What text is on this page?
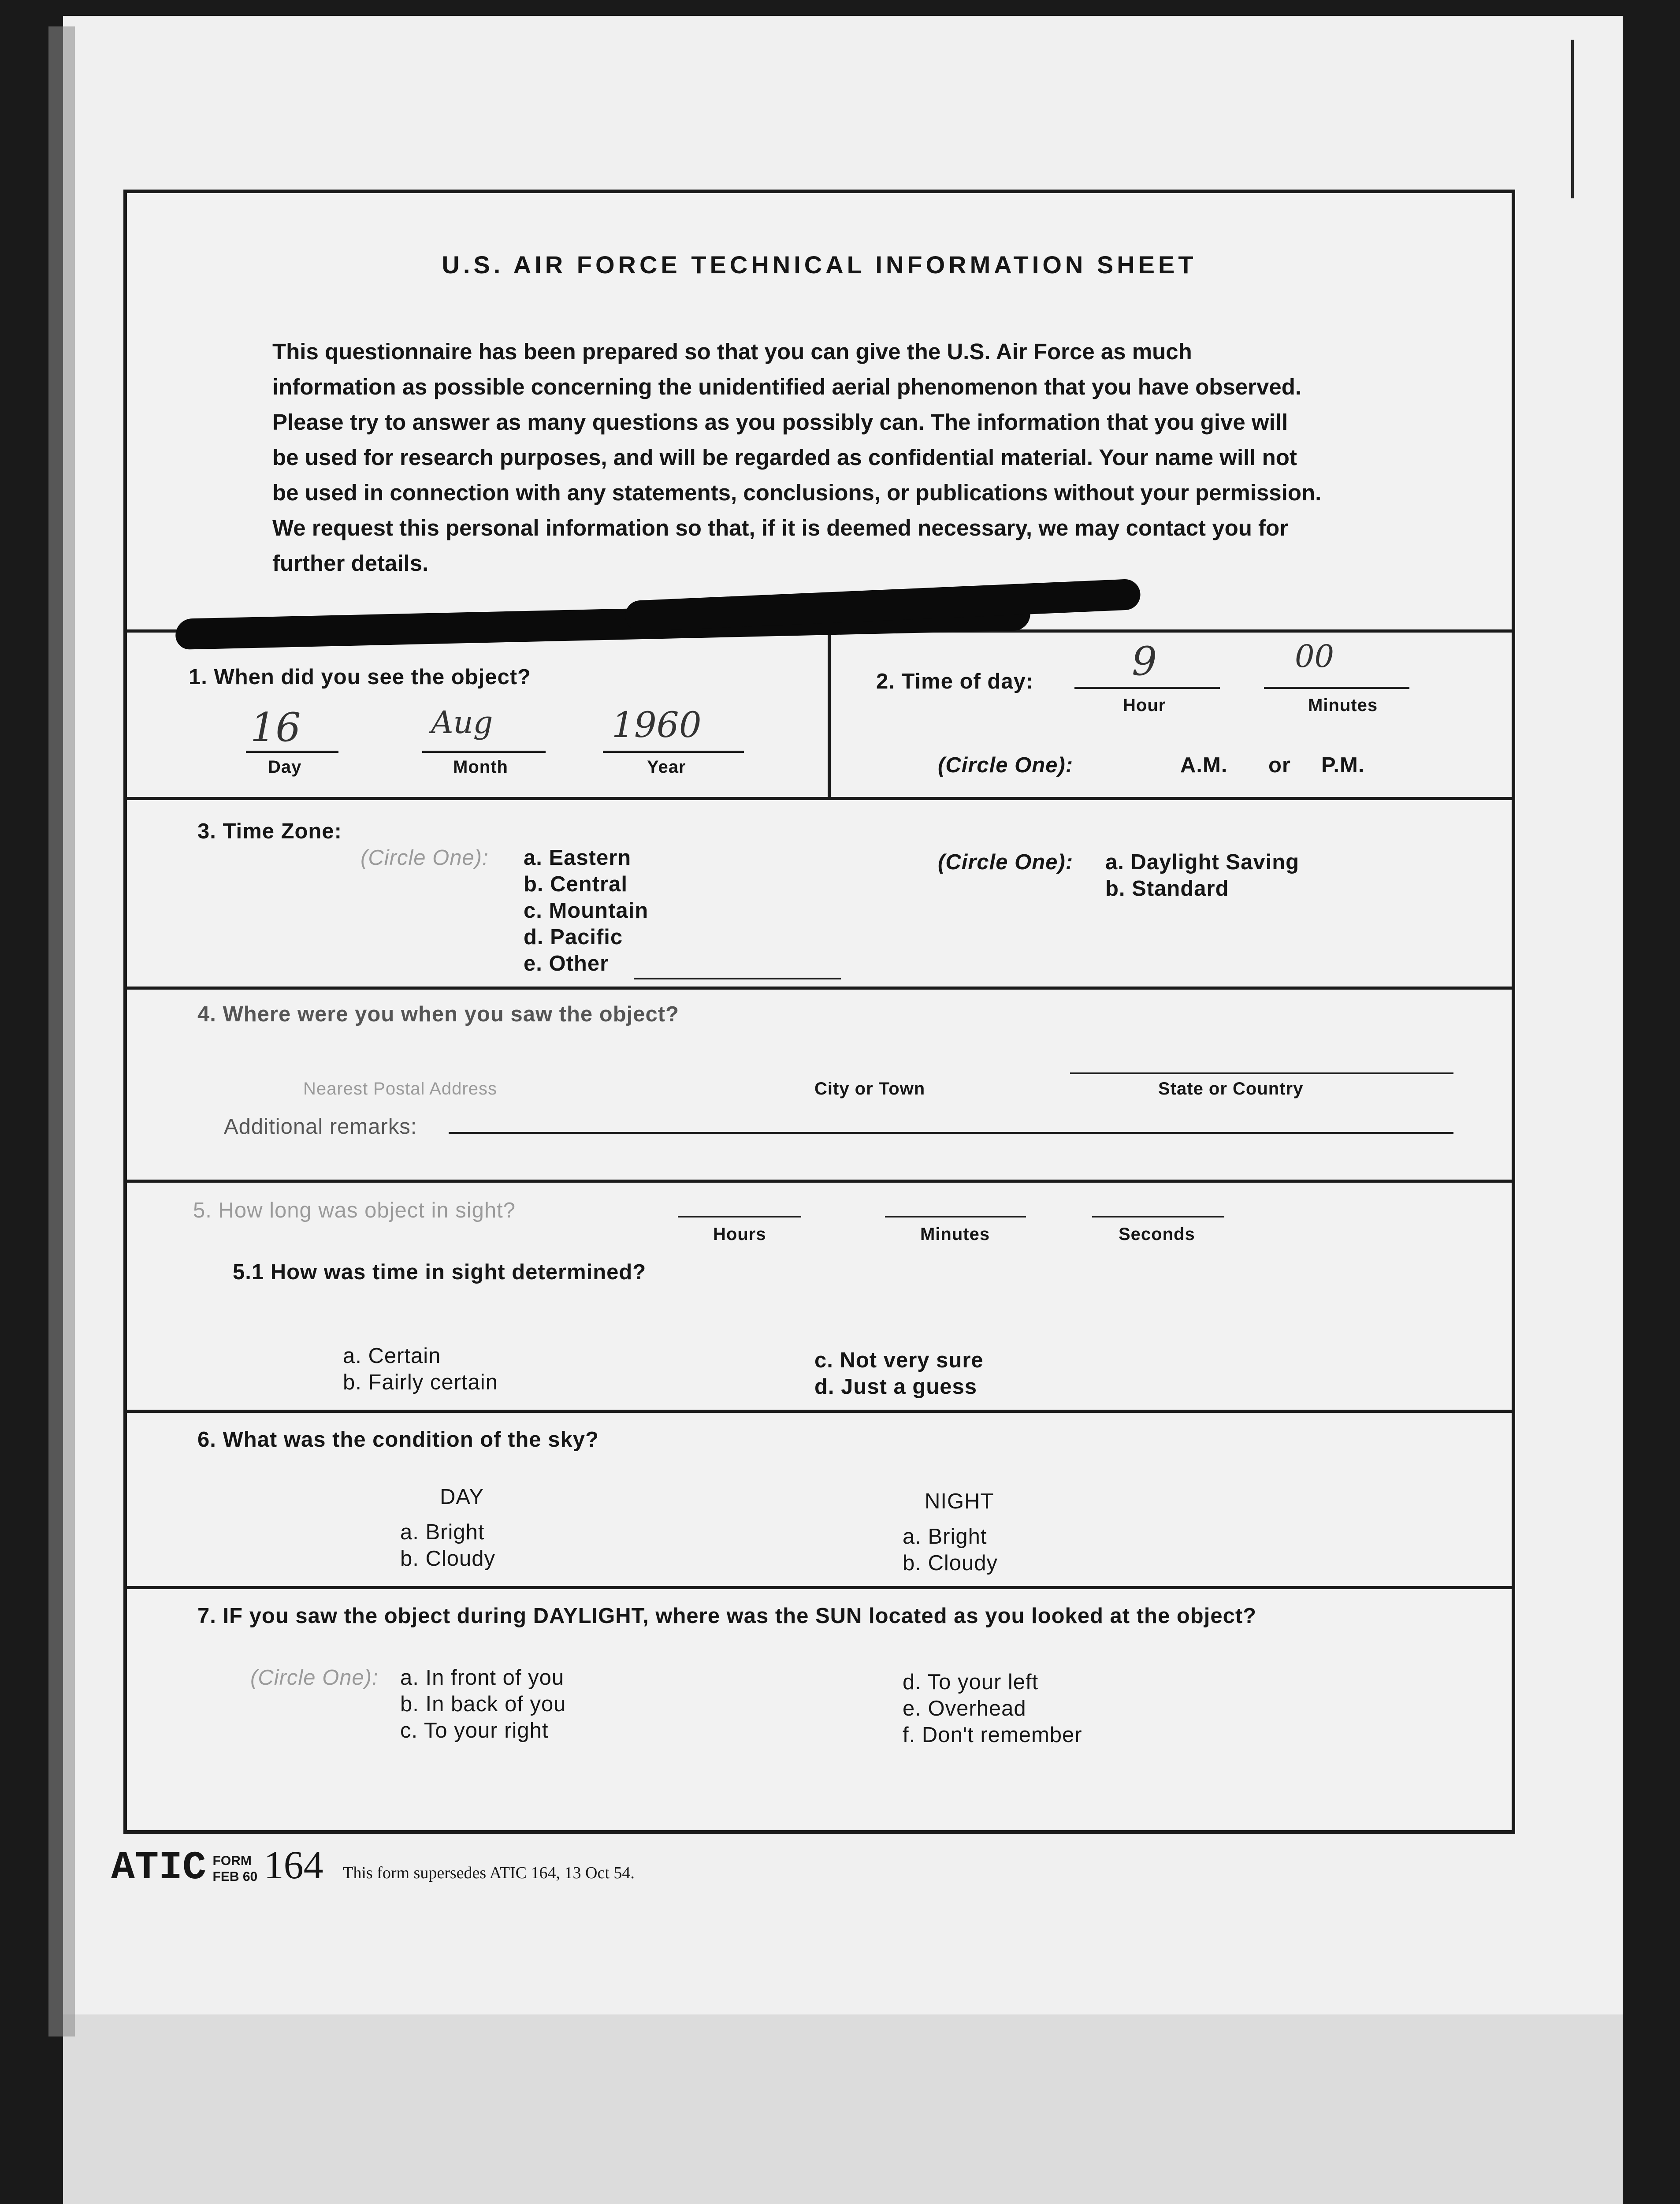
U.S. AIR FORCE TECHNICAL INFORMATION SHEET
This questionnaire has been prepared so that you can give the U.S. Air Force as much
information as possible concerning the unidentified aerial phenomenon that you have observed.
Please try to answer as many questions as you possibly can. The information that you give will
be used for research purposes, and will be regarded as confidential material. Your name will not
be used in connection with any statements, conclusions, or publications without your permission.
We request this personal information so that, if it is deemed necessary, we may contact you for
further details.
1. When did you see the object?
16	Aug	1960
Day	Month	Year
2. Time of day: 9	00
Hour	Minutes
(Circle One):	A.M. or P.M.
3. Time Zone:
(Circle One): a. Eastern
b. Central
c. Mountain
d. Pacific
e. Other
(Circle One): a. Daylight Saving
b. Standard
4. Where were you when you saw the object?
Nearest Postal Address	City or Town	State or Country
Additional remarks:
5. How long was object in sight?
Hours	Minutes	Seconds
5.1 How was time in sight determined?
a. Certain
b. Fairly certain
c. Not very sure
d. Just a guess
6. What was the condition of the sky?
DAY
a. Bright
b. Cloudy
NIGHT
a. Bright
b. Cloudy
7. IF you saw the object during DAYLIGHT, where was the SUN located as you looked at the object?
(Circle One): a. In front of you
b. In back of you
c. To your right
d. To your left
e. Overhead
f. Don't remember
ATIC FORM
FEB 60 164 This form supersedes ATIC 164, 13 Oct 54.
